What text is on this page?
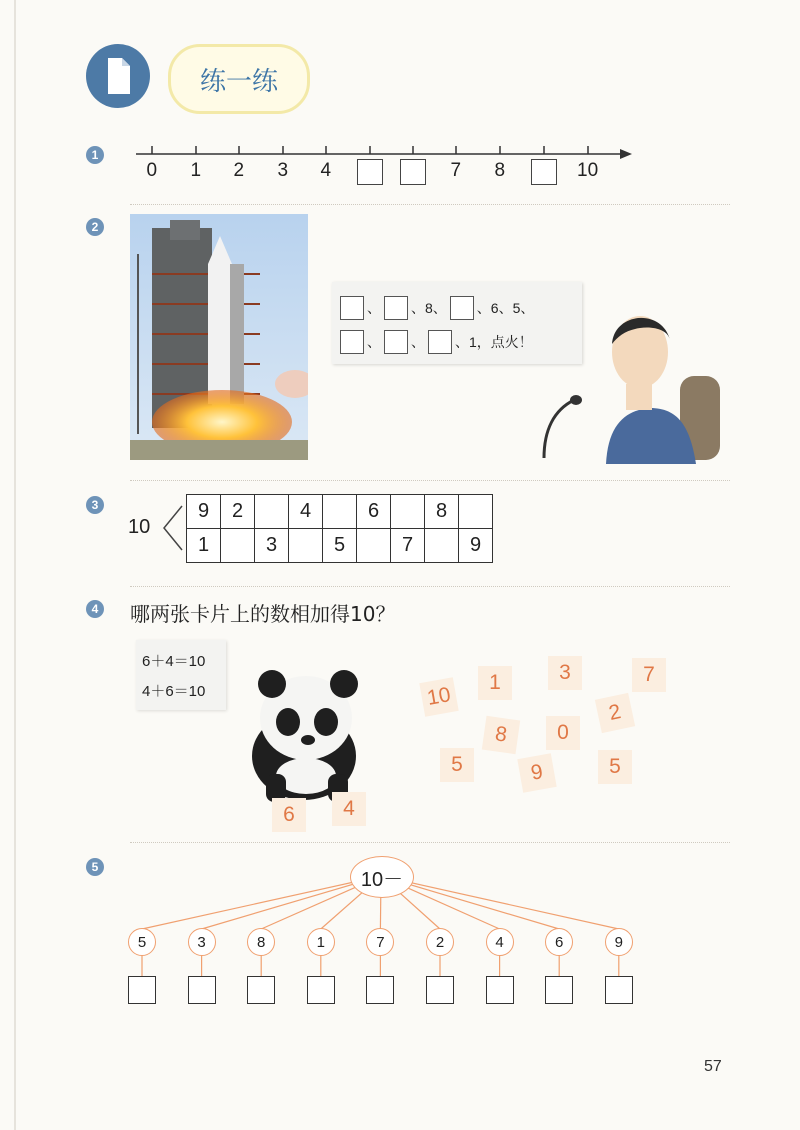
练一练
1
0 1 2 3 4	7 8	10
2
、 、8、 、6、5、
、 、 、1，点火！
3
10
9	2		4		6		8	
1		3		5		7		9
4 哪两张卡片上的数相加得10？
6＋4＝10
4＋6＝10
6	4
10
1	3	7
8	0
2
5	9	5
5
10－
5	3	8	1	7	2	4	6	9
57
